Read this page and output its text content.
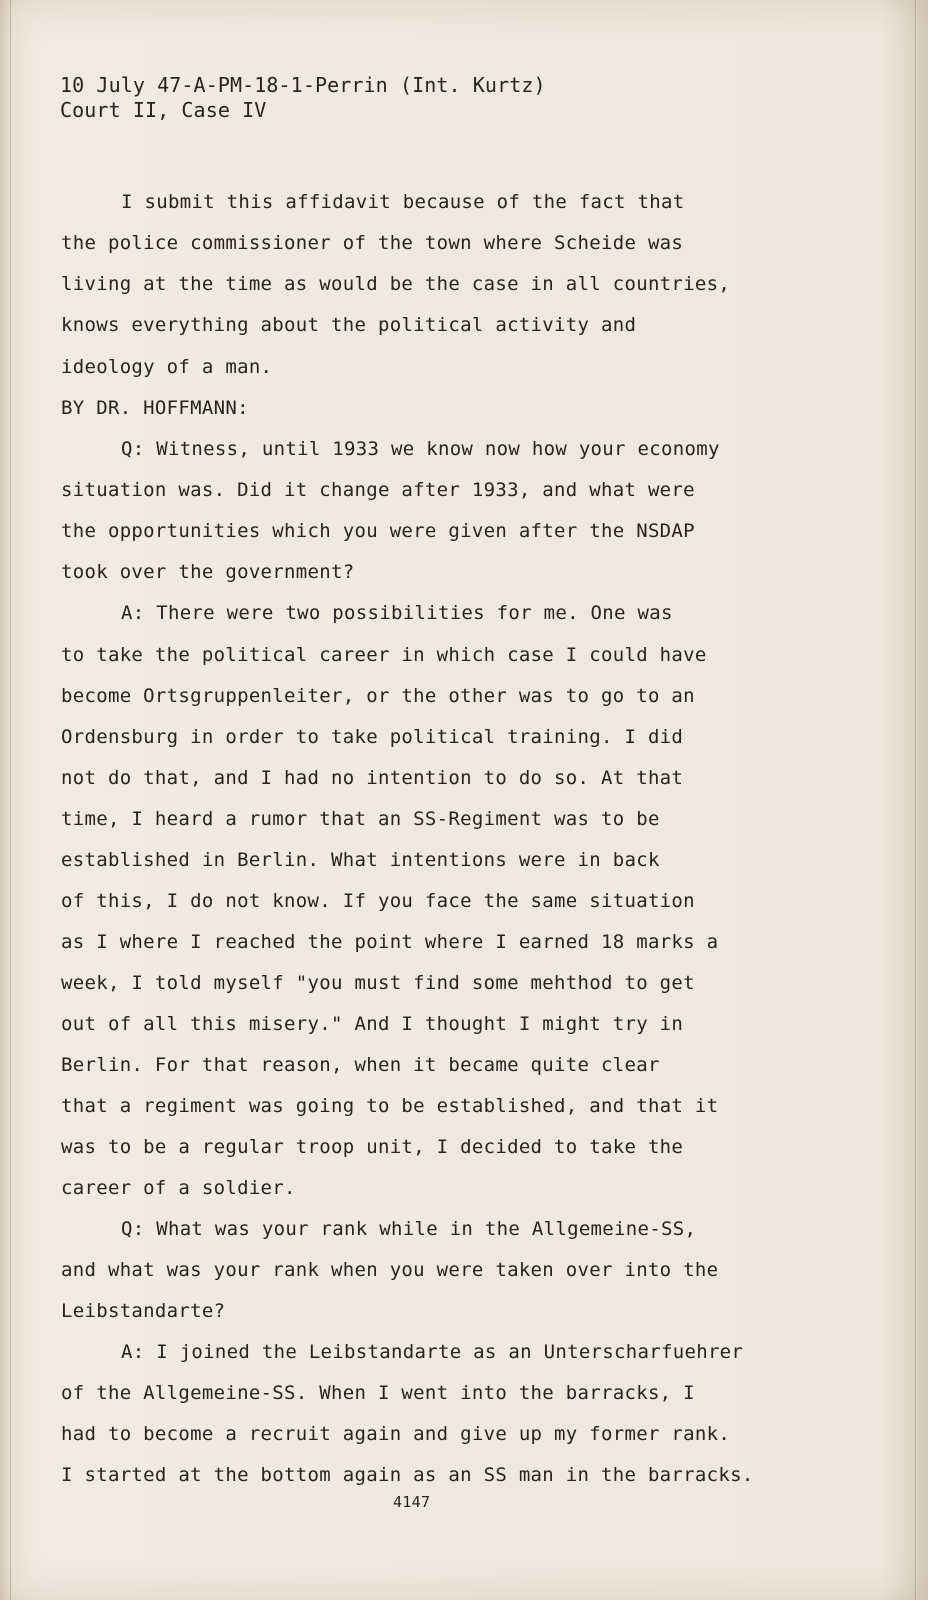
10 July 47-A-PM-18-1-Perrin (Int. Kurtz)
Court II, Case IV
I submit this affidavit because of the fact that
the police commissioner of the town where Scheide was
living at the time as would be the case in all countries,
knows everything about the political activity and
ideology of a man.
BY DR. HOFFMANN:
Q: Witness, until 1933 we know now how your economy
situation was. Did it change after 1933, and what were
the opportunities which you were given after the NSDAP
took over the government?
A: There were two possibilities for me. One was
to take the political career in which case I could have
become Ortsgruppenleiter, or the other was to go to an
Ordensburg in order to take political training. I did
not do that, and I had no intention to do so. At that
time, I heard a rumor that an SS-Regiment was to be
established in Berlin. What intentions were in back
of this, I do not know. If you face the same situation
as I where I reached the point where I earned 18 marks a
week, I told myself "you must find some mehthod to get
out of all this misery." And I thought I might try in
Berlin. For that reason, when it became quite clear
that a regiment was going to be established, and that it
was to be a regular troop unit, I decided to take the
career of a soldier.
Q: What was your rank while in the Allgemeine-SS,
and what was your rank when you were taken over into the
Leibstandarte?
A: I joined the Leibstandarte as an Unterscharfuehrer
of the Allgemeine-SS. When I went into the barracks, I
had to become a recruit again and give up my former rank.
I started at the bottom again as an SS man in the barracks.
4147
